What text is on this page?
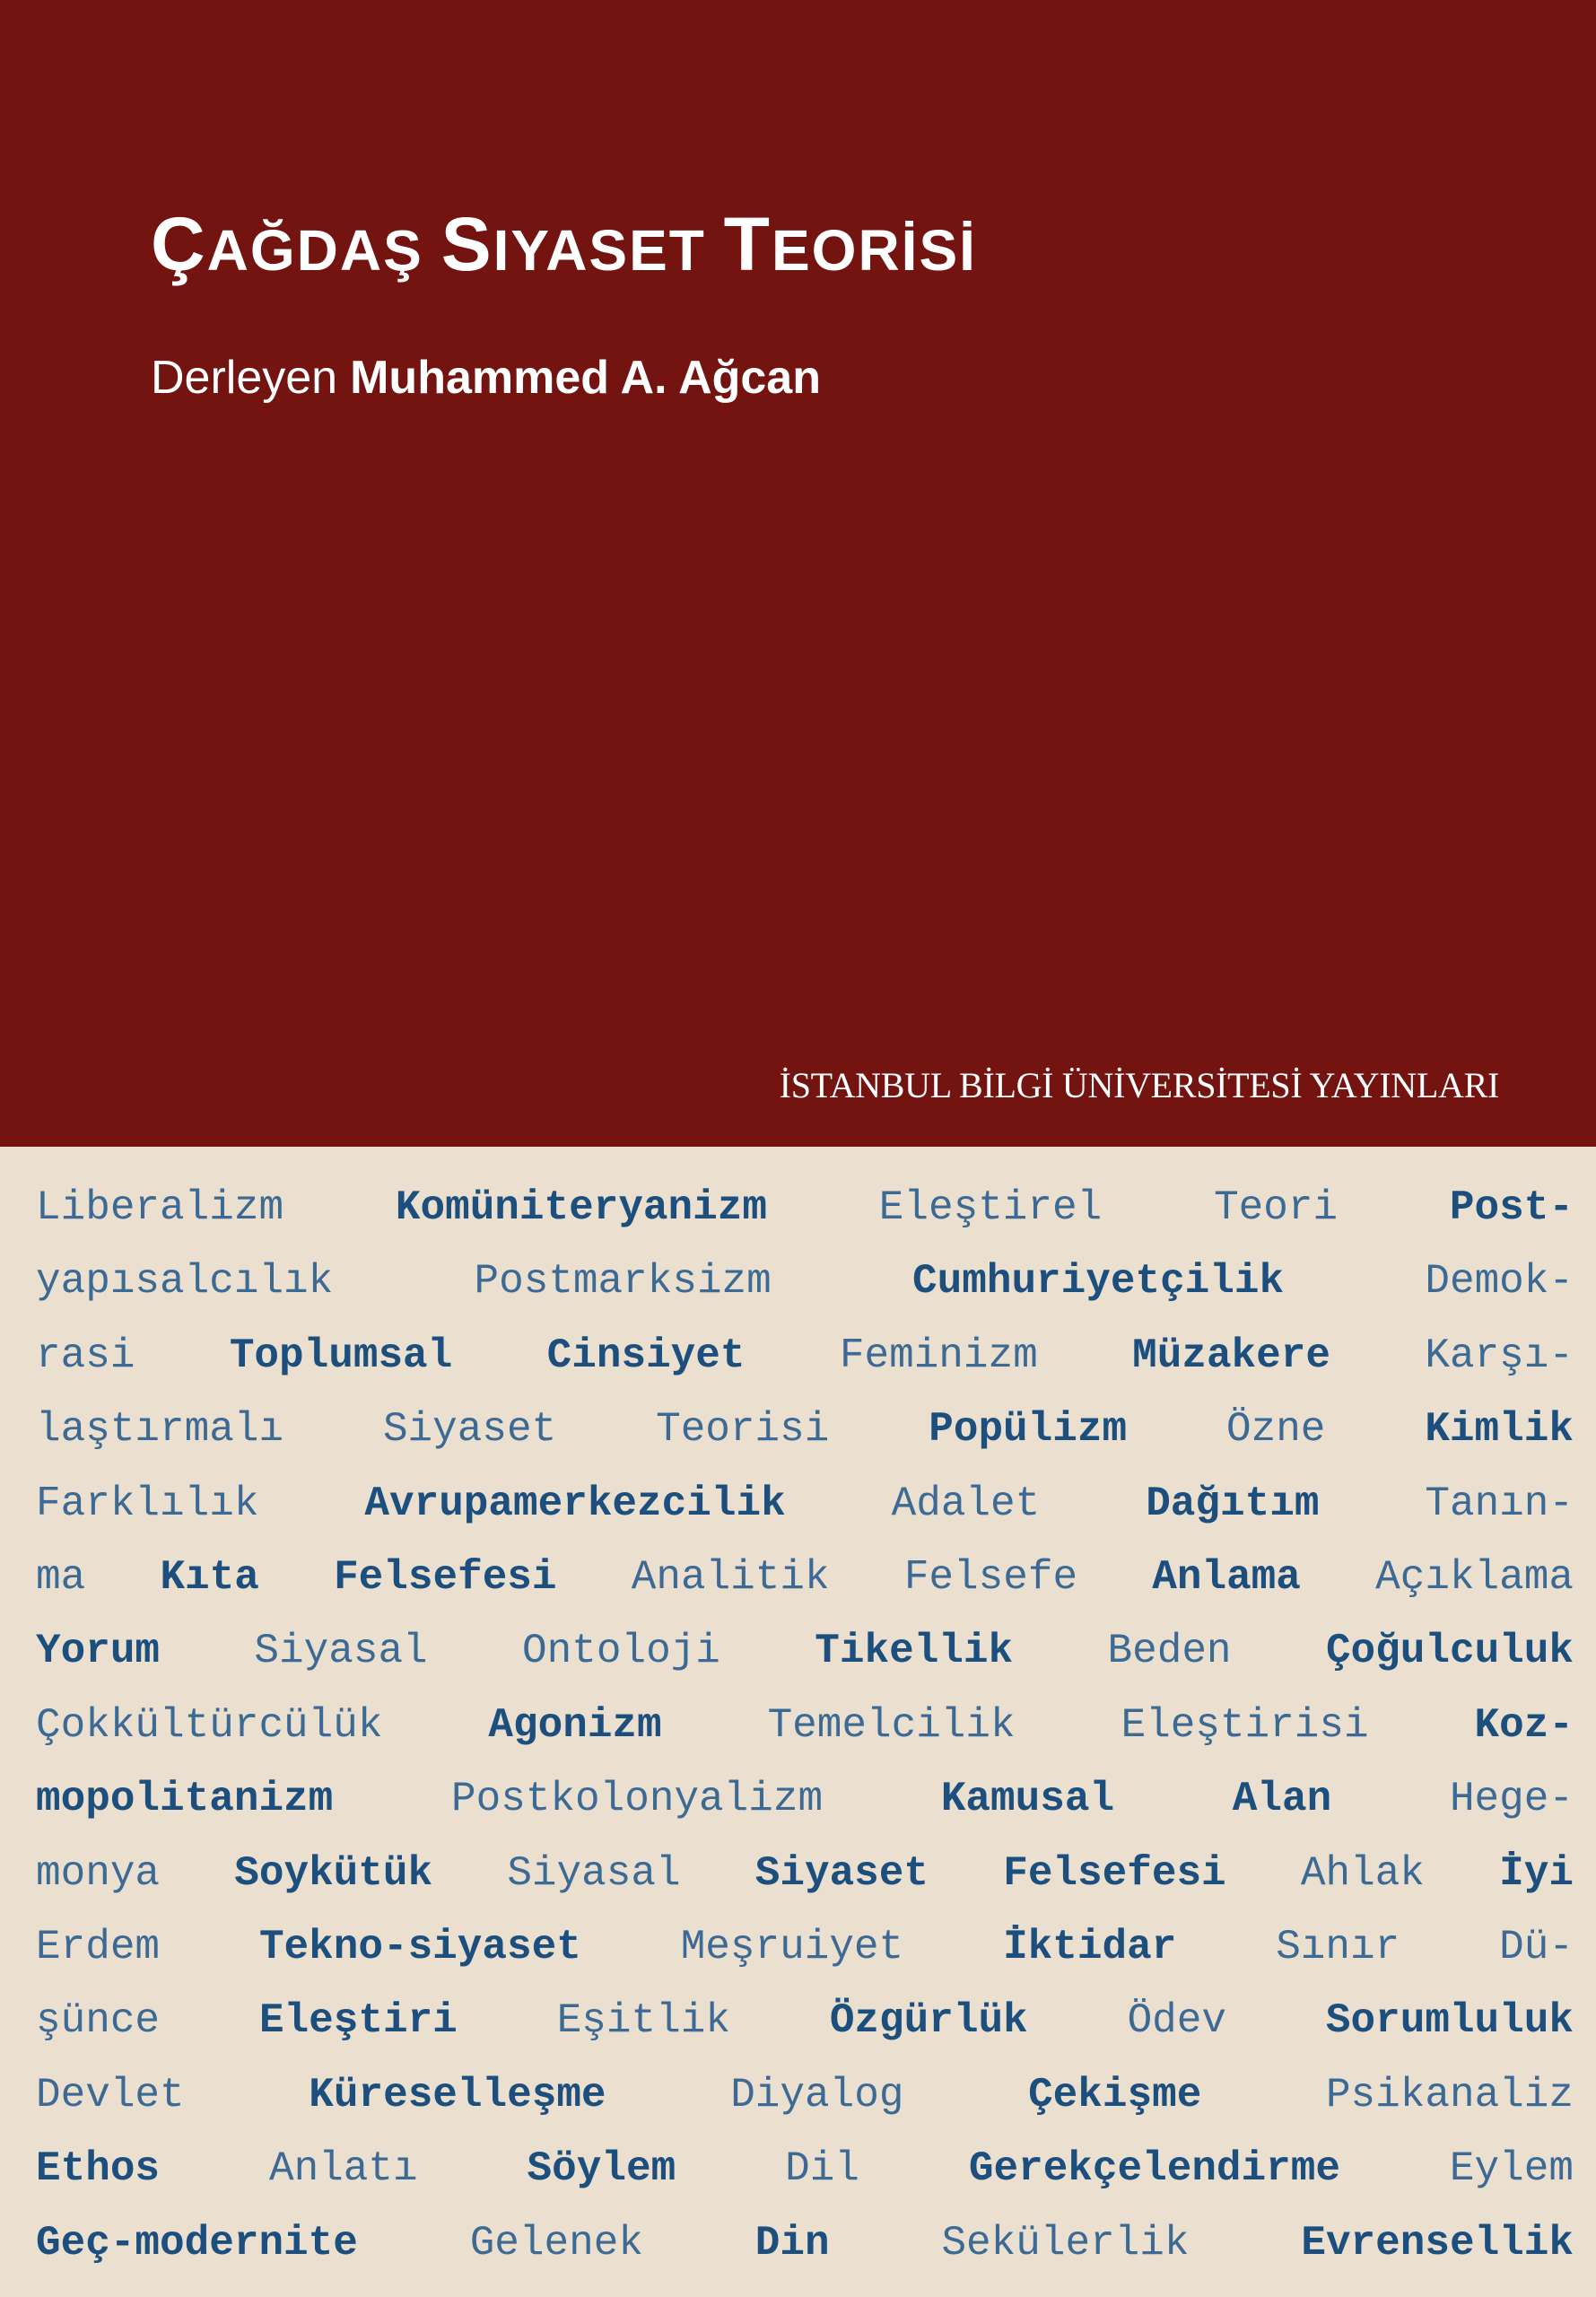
ÇAĞDAŞ SIYASET TEORİSİ
Derleyen Muhammed A. Ağcan
İSTANBUL BİLGİ ÜNİVERSİTESİ YAYINLARI
Liberalizm	Komüniteryanizm	Eleştirel	Teori	Post-
yapısalcılık	Postmarksizm	Cumhuriyetçilik	Demok-
rasi Toplumsal Cinsiyet Feminizm Müzakere Karşı-
laştırmalı Siyaset Teorisi Popülizm Özne Kimlik
Farklılık	Avrupamerkezcilik	Adalet	Dağıtım	Tanın-
ma Kıta Felsefesi Analitik Felsefe Anlama Açıklama
Yorum Siyasal Ontoloji Tikellik Beden Çoğulculuk
Çokkültürcülük	Agonizm	Temelcilik	Eleştirisi	Koz-
mopolitanizm	Postkolonyalizm	Kamusal	Alan	Hege-
monya Soykütük Siyasal Siyaset Felsefesi Ahlak İyi
Erdem Tekno-siyaset Meşruiyet İktidar Sınır Dü-
şünce Eleştiri Eşitlik Özgürlük Ödev Sorumluluk
Devlet	Küreselleşme	Diyalog	Çekişme	Psikanaliz
Ethos	Anlatı	Söylem	Dil	Gerekçelendirme	Eylem
Geç-modernite	Gelenek	Din	Sekülerlik	Evrensellik
